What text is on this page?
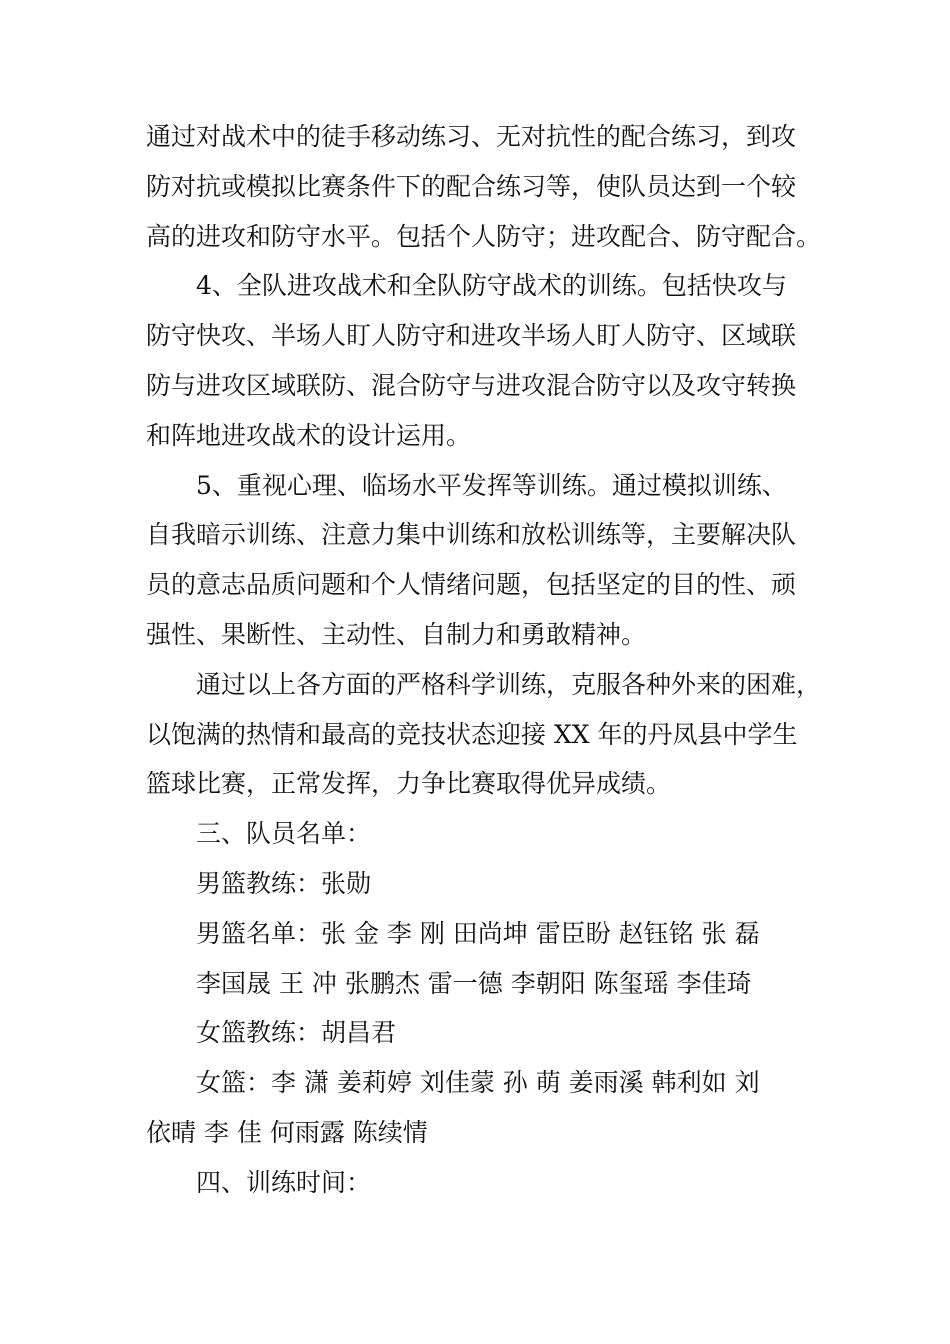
通过对战术中的徒手移动练习、无对抗性的配合练习，到攻
防对抗或模拟比赛条件下的配合练习等，使队员达到一个较
高的进攻和防守水平。包括个人防守；进攻配合、防守配合。
4、全队进攻战术和全队防守战术的训练。包括快攻与
防守快攻、半场人盯人防守和进攻半场人盯人防守、区域联
防与进攻区域联防、混合防守与进攻混合防守以及攻守转换
和阵地进攻战术的设计运用。
5、重视心理、临场水平发挥等训练。通过模拟训练、
自我暗示训练、注意力集中训练和放松训练等，主要解决队
员的意志品质问题和个人情绪问题，包括坚定的目的性、顽
强性、果断性、主动性、自制力和勇敢精神。
通过以上各方面的严格科学训练，克服各种外来的困难，
以饱满的热情和最高的竞技状态迎接 XX 年的丹凤县中学生
篮球比赛，正常发挥，力争比赛取得优异成绩。
三、队员名单：
男篮教练：张勋
男篮名单：张 金 李 刚 田尚坤 雷臣盼 赵钰铭 张 磊
李国晟 王 冲 张鹏杰 雷一德 李朝阳 陈玺瑶 李佳琦
女篮教练：胡昌君
女篮：李 潇 姜莉婷 刘佳蒙 孙 萌 姜雨溪 韩利如 刘
依晴 李 佳 何雨露 陈续情
四、训练时间：
